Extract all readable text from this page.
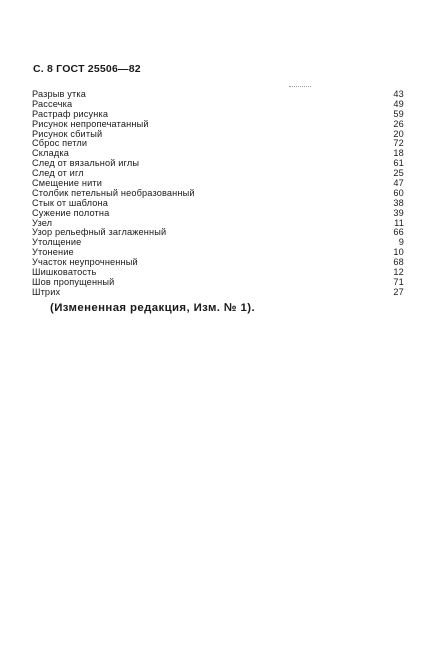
С. 8 ГОСТ 25506—82
Разрыв утка	43
Рассечка	49
Растраф рисунка	59
Рисунок непропечатанный	26
Рисунок сбитый	20
Сброс петли	72
Складка	18
След от вязальной иглы	61
След от игл	25
Смещение нити	47
Столбик петельный необразованный	60
Стык от шаблона	38
Сужение полотна	39
Узел	11
Узор рельефный заглаженный	66
Утолщение	9
Утонение	10
Участок неупрочненный	68
Шишковатость	12
Шов пропущенный	71
Штрих	27
(Измененная редакция, Изм. № 1).
